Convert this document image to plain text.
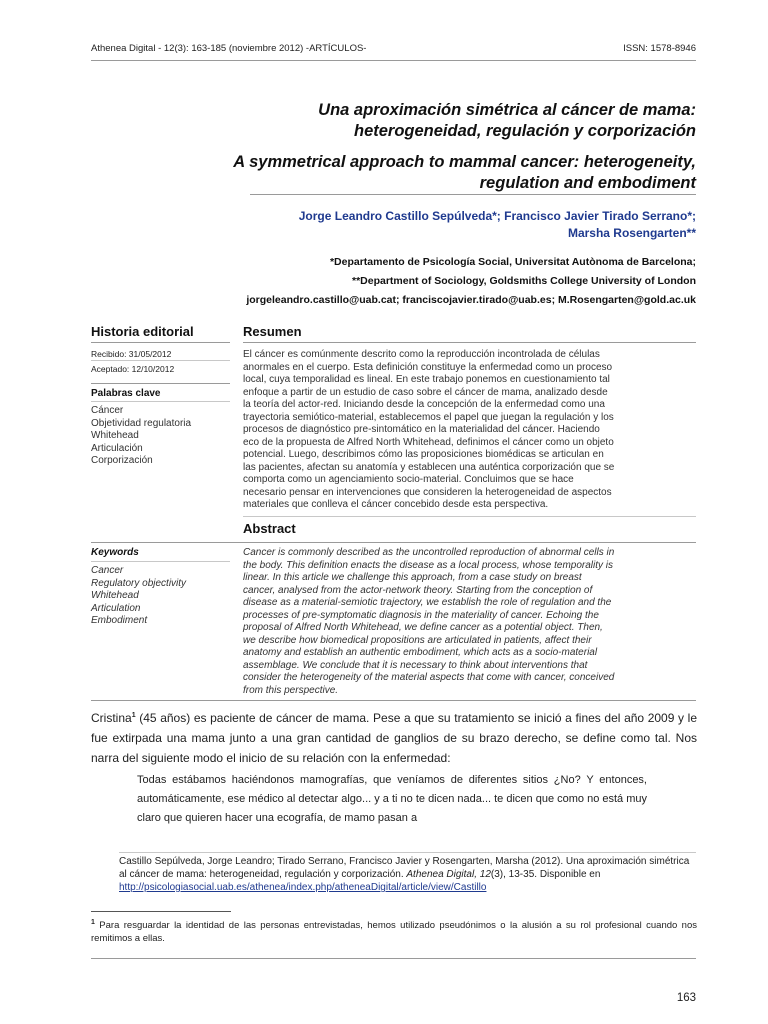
Athenea Digital - 12(3): 163-185 (noviembre 2012) -ARTÍCULOS-	ISSN: 1578-8946
Una aproximación simétrica al cáncer de mama:
heterogeneidad, regulación y corporización
A symmetrical approach to mammal cancer: heterogeneity,
regulation and embodiment
Jorge Leandro Castillo Sepúlveda*; Francisco Javier Tirado Serrano*;
Marsha Rosengarten**
*Departamento de Psicología Social, Universitat Autònoma de Barcelona;
**Department of Sociology, Goldsmiths College University of London
jorgeleandro.castillo@uab.cat; franciscojavier.tirado@uab.es; M.Rosengarten@gold.ac.uk
Historia editorial
Recibido: 31/05/2012
Aceptado: 12/10/2012
Palabras clave
Cáncer
Objetividad regulatoria
Whitehead
Articulación
Corporización
Resumen
El cáncer es comúnmente descrito como la reproducción incontrolada de células
anormales en el cuerpo. Esta definición constituye la enfermedad como un proceso
local, cuya temporalidad es lineal. En este trabajo ponemos en cuestionamiento tal
enfoque a partir de un estudio de caso sobre el cáncer de mama, analizado desde
la teoría del actor-red. Iniciando desde la concepción de la enfermedad como una
trayectoria semiótico-material, establecemos el papel que juegan la regulación y los
procesos de diagnóstico pre-sintomático en la materialidad del cáncer. Haciendo
eco de la propuesta de Alfred North Whitehead, definimos el cáncer como un objeto
potencial. Luego, describimos cómo las proposiciones biomédicas se articulan en
las pacientes, afectan su anatomía y establecen una auténtica corporización que se
comporta como un agenciamiento socio-material. Concluimos que se hace
necesario pensar en intervenciones que consideren la heterogeneidad de aspectos
materiales que conlleva el cáncer concebido desde esta perspectiva.
Abstract
Keywords
Cancer
Regulatory objectivity
Whitehead
Articulation
Embodiment
Cancer is commonly described as the uncontrolled reproduction of abnormal cells in
the body. This definition enacts the disease as a local process, whose temporality is
linear. In this article we challenge this approach, from a case study on breast
cancer, analysed from the actor-network theory. Starting from the conception of
disease as a material-semiotic trajectory, we establish the role of regulation and the
processes of pre-symptomatic diagnosis in the materiality of cancer. Echoing the
proposal of Alfred North Whitehead, we define cancer as a potential object. Then,
we describe how biomedical propositions are articulated in patients, affect their
anatomy and establish an authentic embodiment, which acts as a socio-material
assemblage. We conclude that it is necessary to think about interventions that
consider the heterogeneity of the material aspects that come with cancer, conceived
from this perspective.
Cristina$^1$ (45 años) es paciente de cáncer de mama. Pese a que su tratamiento se inició a fines del año 2009 y le fue extirpada una mama junto a una gran cantidad de ganglios de su brazo derecho, se define como tal. Nos narra del siguiente modo el inicio de su relación con la enfermedad:
Todas estábamos haciéndonos mamografías, que veníamos de diferentes sitios ¿No? Y entonces, automáticamente, ese médico al detectar algo... y a ti no te dicen nada... te dicen que como no está muy claro que quieren hacer una ecografía, de mamo pasan a
Castillo Sepúlveda, Jorge Leandro; Tirado Serrano, Francisco Javier y Rosengarten, Marsha (2012). Una aproximación simétrica al cáncer de mama: heterogeneidad, regulación y corporización. Athenea Digital, 12(3), 13-35. Disponible en http://psicologiasocial.uab.es/athenea/index.php/atheneaDigital/article/view/Castillo
$^1$ Para resguardar la identidad de las personas entrevistadas, hemos utilizado pseudónimos o la alusión a su rol profesional cuando nos remitimos a ellas.
163
